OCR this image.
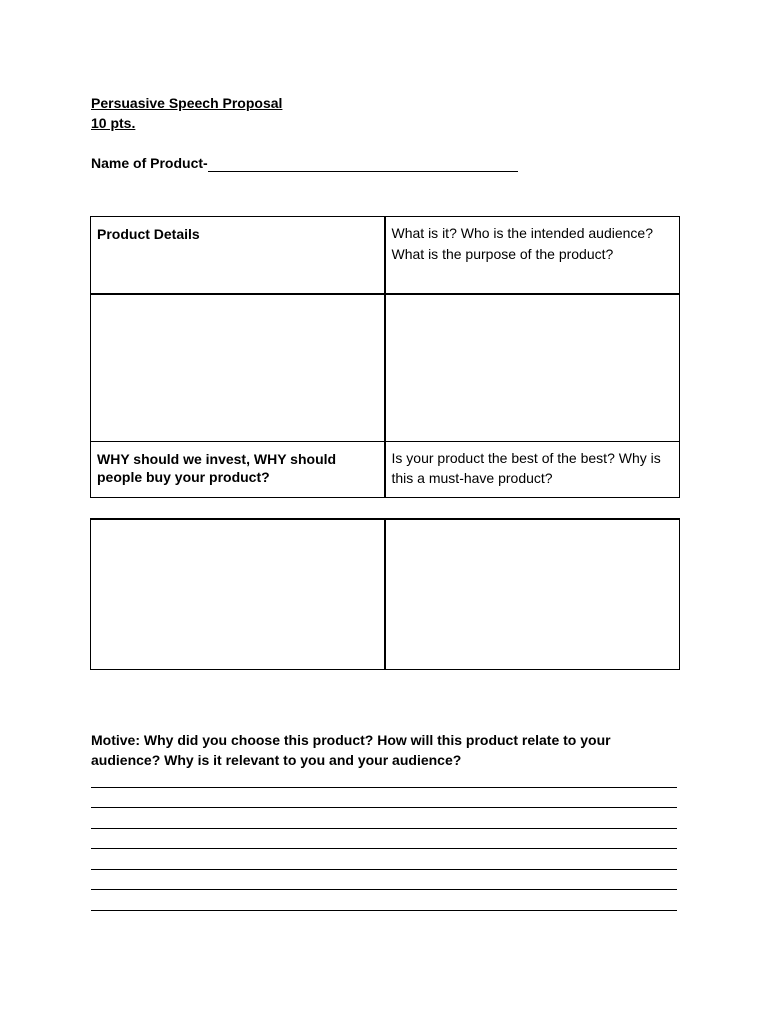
Persuasive Speech Proposal
10 pts.
Name of Product-
Product Details	What is it? Who is the intended audience? What is the purpose of the product?

WHY should we invest, WHY should people buy your product?	Is your product the best of the best? Why is this a must-have product?

Motive: Why did you choose this product? How will this product relate to your audience? Why is it relevant to you and your audience?
